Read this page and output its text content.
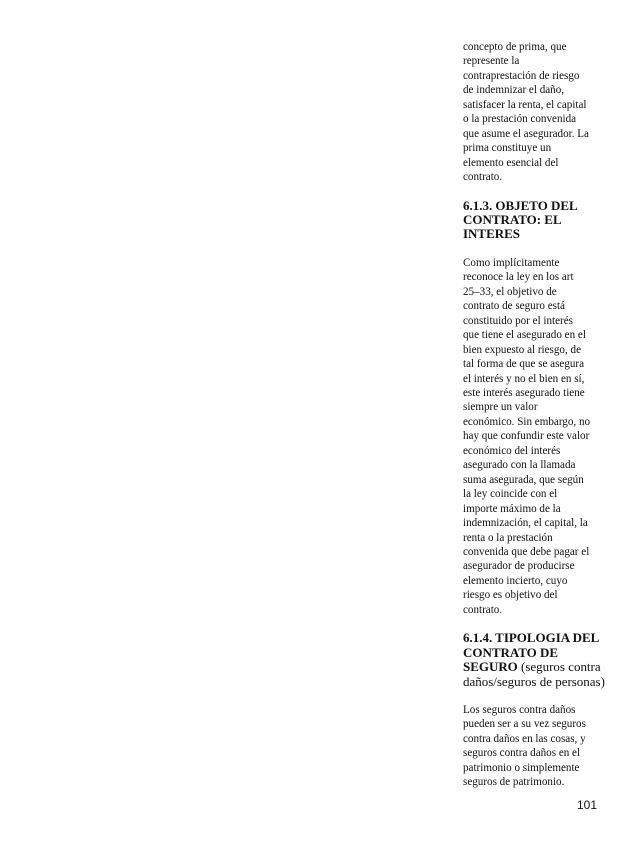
concepto de prima, que
represente la
contraprestación de riesgo
de indemnizar el daño,
satisfacer la renta, el capital
o la prestación convenida
que asume el asegurador. La
prima constituye un
elemento esencial del
contrato.

6.1.3. OBJETO DEL
CONTRATO: EL
INTERES

Como implícitamente
reconoce la ley en los art
25–33, el objetivo de
contrato de seguro está
constituido por el interés
que tiene el asegurado en el
bien expuesto al riesgo, de
tal forma de que se asegura
el interés y no el bien en sí,
este interés asegurado tiene
siempre un valor
económico. Sin embargo, no
hay que confundir este valor
económico del interés
asegurado con la llamada
suma asegurada, que según
la ley coincide con el
importe máximo de la
indemnización, el capital, la
renta o la prestación
convenida que debe pagar el
asegurador de producirse
elemento incierto, cuyo
riesgo es objetivo del
contrato.

6.1.4. TIPOLOGIA DEL
CONTRATO DE
SEGURO (seguros contra
daños/seguros de personas)

Los seguros contra daños
pueden ser a su vez seguros
contra daños en las cosas, y
seguros contra daños en el
patrimonio o simplemente
seguros de patrimonio.

101
